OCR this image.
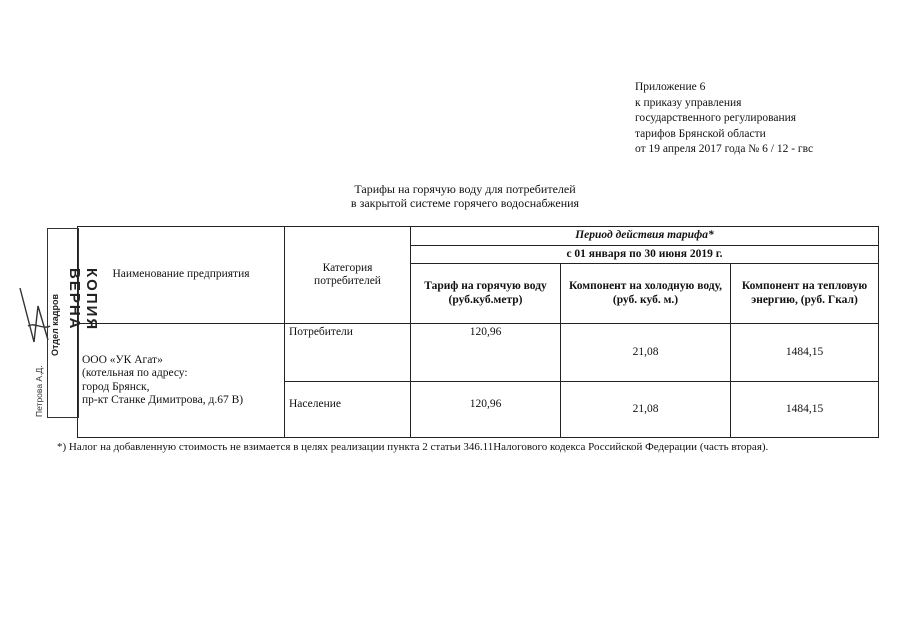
Приложение 6
к приказу управления
государственного регулирования
тарифов Брянской области
от 19 апреля 2017 года № 6 / 12 - гвс
Тарифы на горячую воду для потребителей
в закрытой системе горячего водоснабжения
Наименование предприятия	Категория потребителей	Период действия тарифа*		
		с 01 января по 30 июня 2019 г.		
		Тариф на горячую воду (руб.куб.метр)	Компонент на холодную воду, (руб. куб. м.)	Компонент на тепловую энергию, (руб. Гкал)

ООО «УК Агат»
(котельная по адресу:
город Брянск,
пр-кт Станке Димитрова, д.67 В)	Потребители	120,96	21,08	1484,15
	Население	120,96	21,08	1484,15
*) Налог на добавленную стоимость не взимается в целях реализации пункта 2 статьи 346.11Налогового кодекса Российской Федерации (часть вторая).
Отдел кадров	КОПИЯ ВЕРНА
Петрова А.Д.
